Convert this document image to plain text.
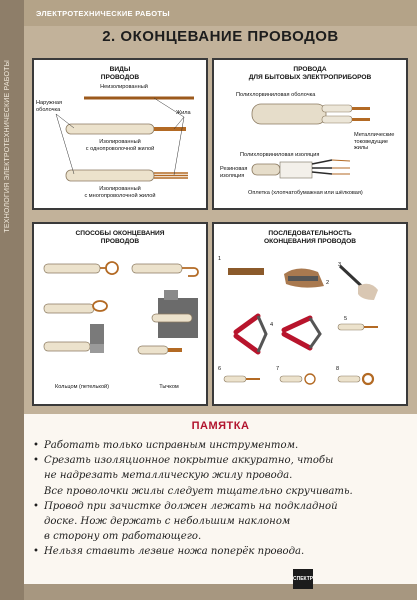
ТЕХНОЛОГИЯ ЭЛЕКТРОТЕХНИЧЕСКИЕ РАБОТЫ
ЭЛЕКТРОТЕХНИЧЕСКИЕ РАБОТЫ
2. ОКОНЦЕВАНИЕ ПРОВОДОВ
ВИДЫ
ПРОВОДОВ
Неизолированный
Наружная
оболочка
Жила
Изолированный
с однопроволочной жилой
Изолированный
с многопроволочной жилой
ПРОВОДА
ДЛЯ БЫТОВЫХ ЭЛЕКТРОПРИБОРОВ
Полихлорвиниловая оболочка
Металлические
токоведущие
жилы
Полихлорвиниловая изоляция
Резиновая
изоляция
Оплетка (хлопчатобумажная или шёлковая)
СПОСОБЫ ОКОНЦЕВАНИЯ
ПРОВОДОВ
Кольцом (петелькой)	Тычком
ПОСЛЕДОВАТЕЛЬНОСТЬ
ОКОНЦЕВАНИЯ ПРОВОДОВ
1
2
3
4
5
6	7	8
ПАМЯТКА
• Работать только исправным инструментом.
• Срезать изоляционное покрытие аккуратно, чтобы
не надрезать металлическую жилу провода.
Все проволочки жилы следует тщательно скручивать.
• Провод при зачистке должен лежать на подкладной
доске. Нож держать с небольшим наклоном
в сторону от работающего.
• Нельзя ставить лезвие ножа поперёк провода.
СПЕКТР
